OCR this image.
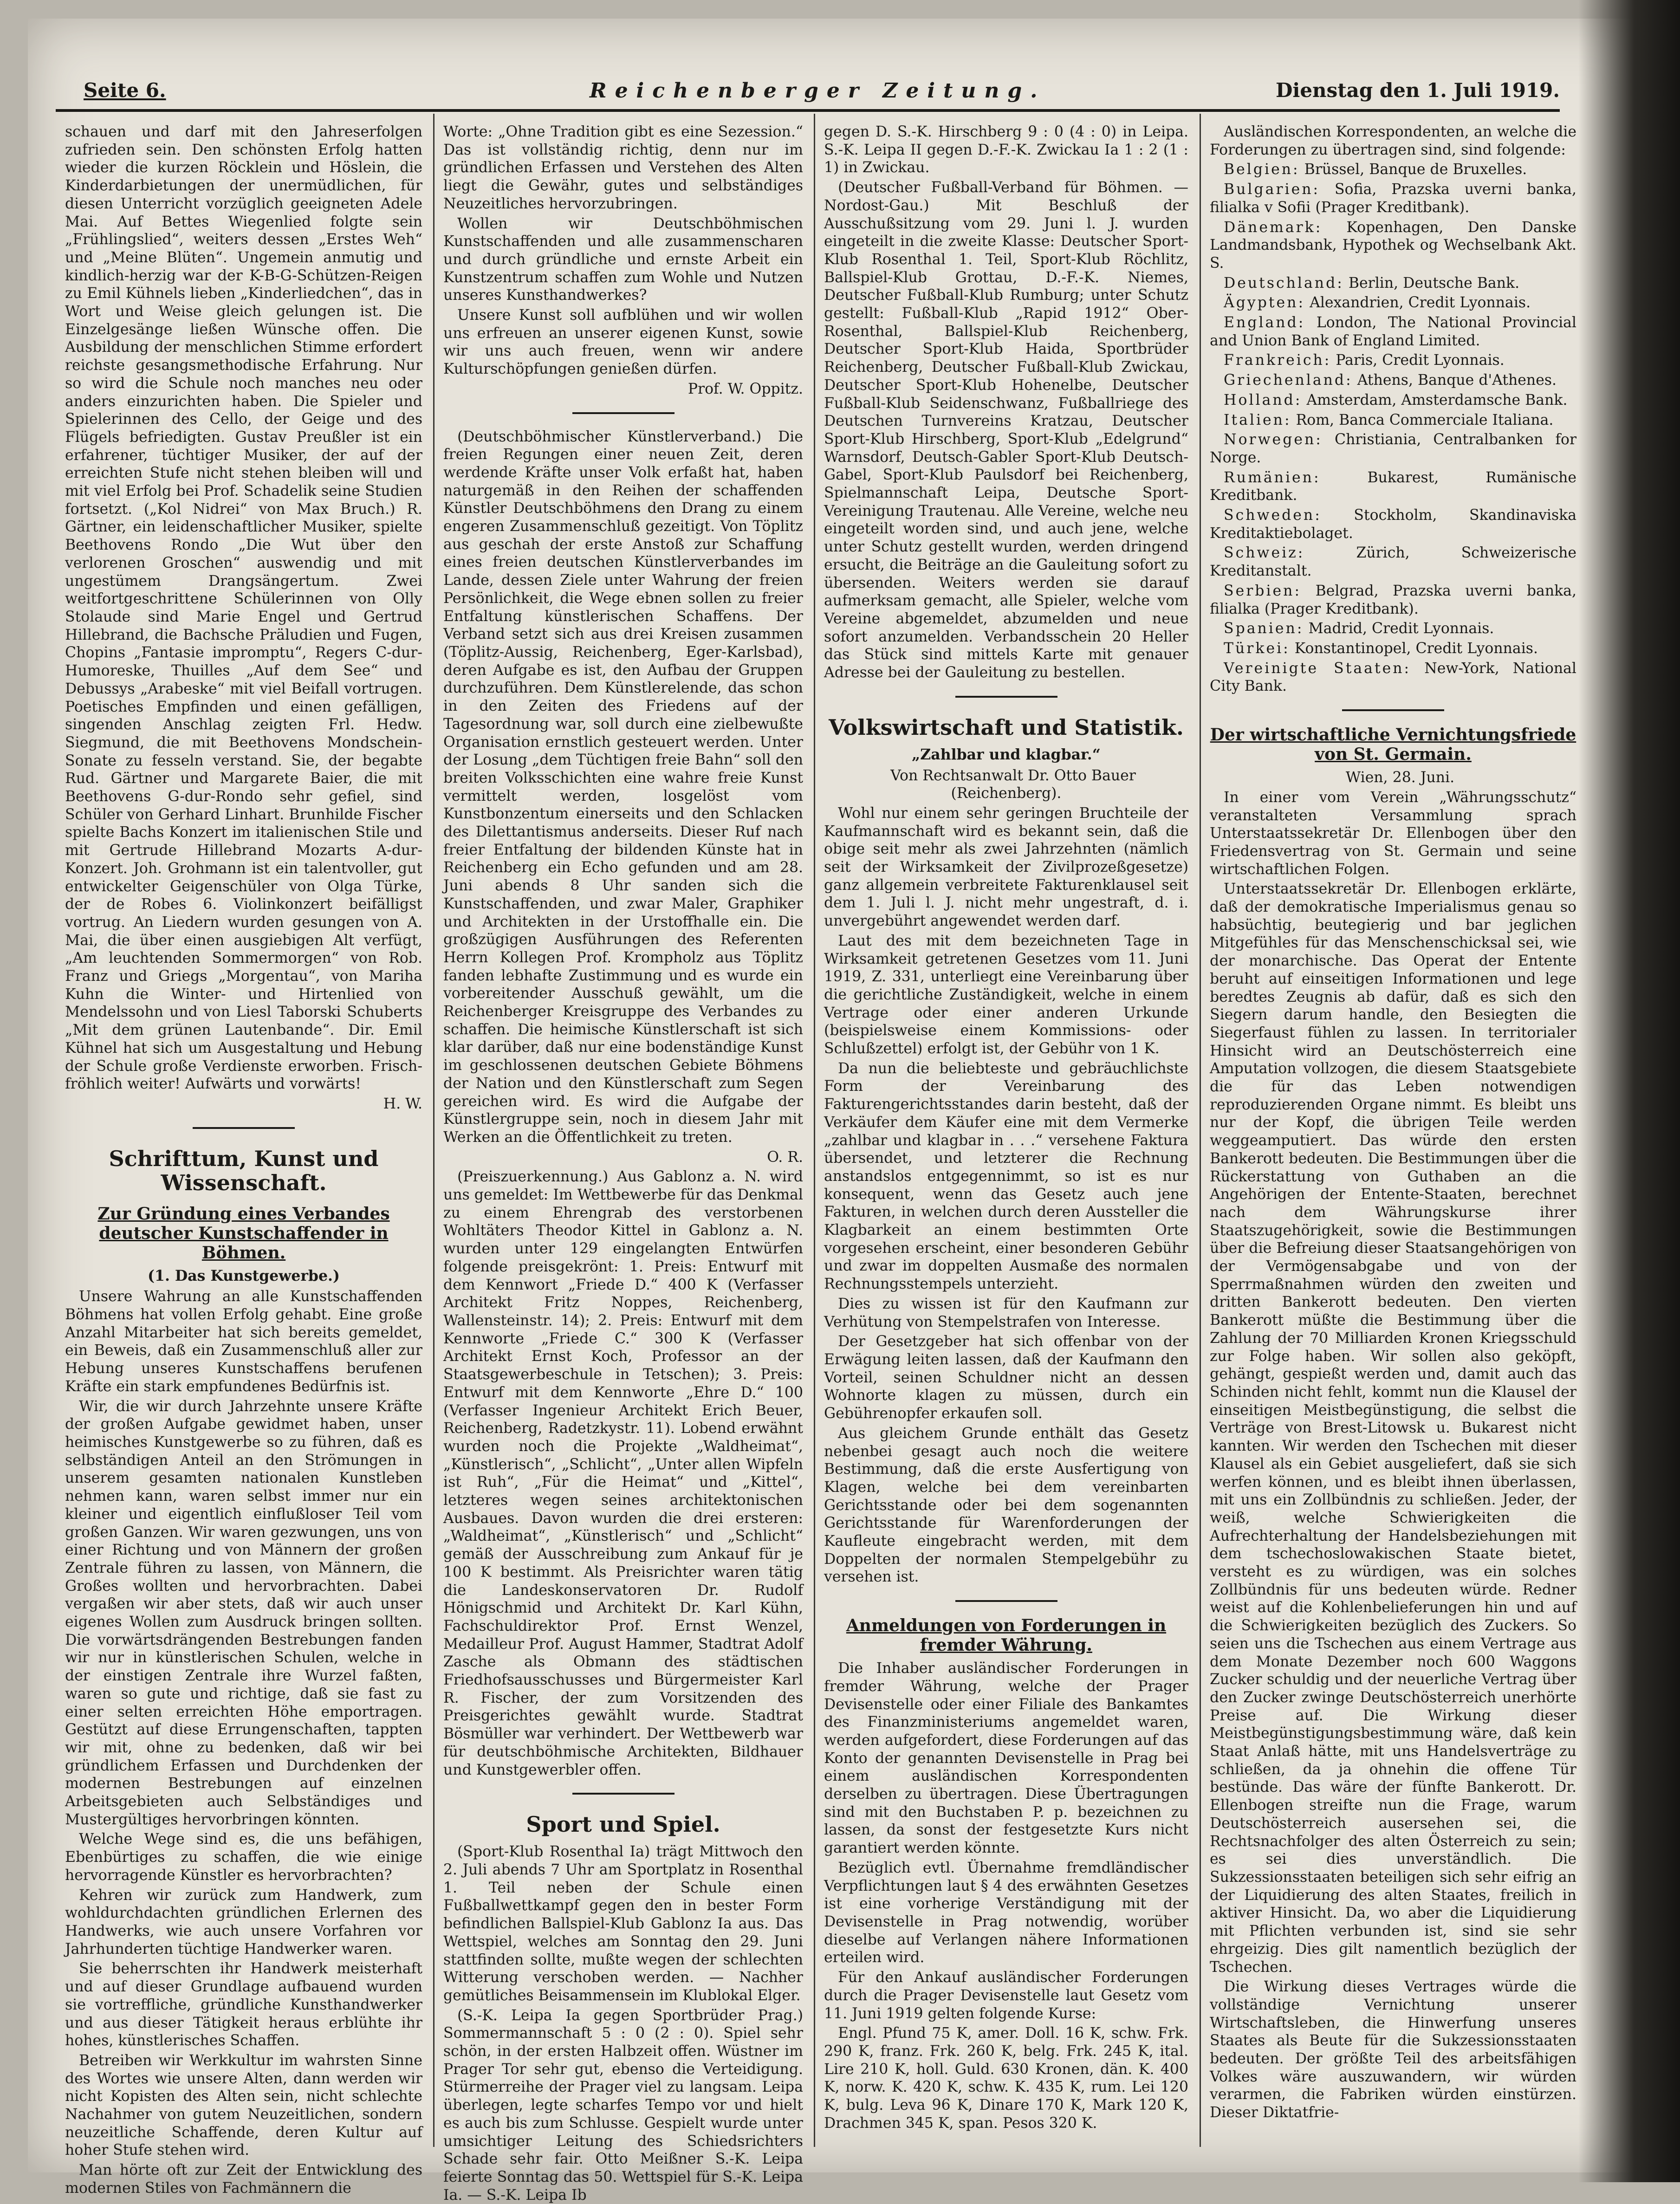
Seite 6.	Reichenberger Zeitung.	Dienstag den 1. Juli 1919.

schauen und darf mit den Jahreserfolgen zufrieden sein. Den schönsten Erfolg hatten wieder die kurzen Röcklein und Höslein, die Kinderdarbietungen der unermüdlichen, für diesen Unterricht vorzüglich geeigneten Adele Mai. Auf Bettes Wiegenlied folgte sein „Frühlingslied“, weiters dessen „Erstes Weh“ und „Meine Blüten“. Ungemein anmutig und kindlich-herzig war der K-B-G-Schützen-Reigen zu Emil Kühnels lieben „Kinderliedchen“, das in Wort und Weise gleich gelungen ist. Die Einzelgesänge ließen Wünsche offen. Die Ausbildung der menschlichen Stimme erfordert reichste gesangsmethodische Erfahrung. Nur so wird die Schule noch manches neu oder anders einzurichten haben. Die Spieler und Spielerinnen des Cello, der Geige und des Flügels befriedigten. Gustav Preußler ist ein erfahrener, tüchtiger Musiker, der auf der erreichten Stufe nicht stehen bleiben will und mit viel Erfolg bei Prof. Schadelik seine Studien fortsetzt. („Kol Nidrei“ von Max Bruch.) R. Gärtner, ein leidenschaftlicher Musiker, spielte Beethovens Rondo „Die Wut über den verlorenen Groschen“ auswendig und mit ungestümem Drangsängertum. Zwei weitfortgeschrittene Schülerinnen von Olly Stolaude sind Marie Engel und Gertrud Hillebrand, die Bachsche Präludien und Fugen, Chopins „Fantasie impromptu“, Regers C-dur-Humoreske, Thuilles „Auf dem See“ und Debussys „Arabeske“ mit viel Beifall vortrugen. Poetisches Empfinden und einen gefälligen, singenden Anschlag zeigten Frl. Hedw. Siegmund, die mit Beethovens Mondschein-Sonate zu fesseln verstand. Sie, der begabte Rud. Gärtner und Margarete Baier, die mit Beethovens G-dur-Rondo sehr gefiel, sind Schüler von Gerhard Linhart. Brunhilde Fischer spielte Bachs Konzert im italienischen Stile und mit Gertrude Hillebrand Mozarts A-dur-Konzert. Joh. Grohmann ist ein talentvoller, gut entwickelter Geigenschüler von Olga Türke, der de Robes 6. Violinkonzert beifälligst vortrug. An Liedern wurden gesungen von A. Mai, die über einen ausgiebigen Alt verfügt, „Am leuchtenden Sommermorgen“ von Rob. Franz und Griegs „Morgentau“, von Mariha Kuhn die Winter- und Hirtenlied von Mendelssohn und von Liesl Taborski Schuberts „Mit dem grünen Lautenbande“. Dir. Emil Kühnel hat sich um Ausgestaltung und Hebung der Schule große Verdienste erworben. Frisch-fröhlich weiter! Aufwärts und vorwärts!

H. W.

Schrifttum, Kunst und Wissenschaft.
Zur Gründung eines Verbandes deutscher Kunstschaffender in Böhmen.
(1. Das Kunstgewerbe.)

Unsere Wahrung an alle Kunstschaffenden Böhmens hat vollen Erfolg gehabt. Eine große Anzahl Mitarbeiter hat sich bereits gemeldet, ein Beweis, daß ein Zusammenschluß aller zur Hebung unseres Kunstschaffens berufenen Kräfte ein stark empfundenes Bedürfnis ist.

Wir, die wir durch Jahrzehnte unsere Kräfte der großen Aufgabe gewidmet haben, unser heimisches Kunstgewerbe so zu führen, daß es selbständigen Anteil an den Strömungen in unserem gesamten nationalen Kunstleben nehmen kann, waren selbst immer nur ein kleiner und eigentlich einflußloser Teil vom großen Ganzen. Wir waren gezwungen, uns von einer Richtung und von Männern der großen Zentrale führen zu lassen, von Männern, die Großes wollten und hervorbrachten. Dabei vergaßen wir aber stets, daß wir auch unser eigenes Wollen zum Ausdruck bringen sollten. Die vorwärtsdrängenden Bestrebungen fanden wir nur in künstlerischen Schulen, welche in der einstigen Zentrale ihre Wurzel faßten, waren so gute und richtige, daß sie fast zu einer selten erreichten Höhe emportragen. Gestützt auf diese Errungenschaften, tappten wir mit, ohne zu bedenken, daß wir bei gründlichem Erfassen und Durchdenken der modernen Bestrebungen auf einzelnen Arbeitsgebieten auch Selbständiges und Mustergültiges hervorbringen könnten.

Welche Wege sind es, die uns befähigen, Ebenbürtiges zu schaffen, die wie einige hervorragende Künstler es hervorbrachten?

Kehren wir zurück zum Handwerk, zum wohldurchdachten gründlichen Erlernen des Handwerks, wie auch unsere Vorfahren vor Jahrhunderten tüchtige Handwerker waren.

Sie beherrschten ihr Handwerk meisterhaft und auf dieser Grundlage aufbauend wurden sie vortreffliche, gründliche Kunsthandwerker und aus dieser Tätigkeit heraus erblühte ihr hohes, künstlerisches Schaffen.

Betreiben wir Werkkultur im wahrsten Sinne des Wortes wie unsere Alten, dann werden wir nicht Kopisten des Alten sein, nicht schlechte Nachahmer von gutem Neuzeitlichen, sondern neuzeitliche Schaffende, deren Kultur auf hoher Stufe stehen wird.

Man hörte oft zur Zeit der Entwicklung des modernen Stiles von Fachmännern die

Worte: „Ohne Tradition gibt es eine Sezession.“ Das ist vollständig richtig, denn nur im gründlichen Erfassen und Verstehen des Alten liegt die Gewähr, gutes und selbständiges Neuzeitliches hervorzubringen.

Wollen wir Deutschböhmischen Kunstschaffenden und alle zusammenscharen und durch gründliche und ernste Arbeit ein Kunstzentrum schaffen zum Wohle und Nutzen unseres Kunsthandwerkes?

Unsere Kunst soll aufblühen und wir wollen uns erfreuen an unserer eigenen Kunst, sowie wir uns auch freuen, wenn wir andere Kulturschöpfungen genießen dürfen.

Prof. W. Oppitz.

(Deutschböhmischer Künstlerverband.) Die freien Regungen einer neuen Zeit, deren werdende Kräfte unser Volk erfaßt hat, haben naturgemäß in den Reihen der schaffenden Künstler Deutschböhmens den Drang zu einem engeren Zusammenschluß gezeitigt. Von Töplitz aus geschah der erste Anstoß zur Schaffung eines freien deutschen Künstlerverbandes im Lande, dessen Ziele unter Wahrung der freien Persönlichkeit, die Wege ebnen sollen zu freier Entfaltung künstlerischen Schaffens. Der Verband setzt sich aus drei Kreisen zusammen (Töplitz-Aussig, Reichenberg, Eger-Karlsbad), deren Aufgabe es ist, den Aufbau der Gruppen durchzuführen. Dem Künstlerelende, das schon in den Zeiten des Friedens auf der Tagesordnung war, soll durch eine zielbewußte Organisation ernstlich gesteuert werden. Unter der Losung „dem Tüchtigen freie Bahn“ soll den breiten Volksschichten eine wahre freie Kunst vermittelt werden, losgelöst vom Kunstbonzentum einerseits und den Schlacken des Dilettantismus anderseits. Dieser Ruf nach freier Entfaltung der bildenden Künste hat in Reichenberg ein Echo gefunden und am 28. Juni abends 8 Uhr sanden sich die Kunstschaffenden, und zwar Maler, Graphiker und Architekten in der Urstoffhalle ein. Die großzügigen Ausführungen des Referenten Herrn Kollegen Prof. Krompholz aus Töplitz fanden lebhafte Zustimmung und es wurde ein vorbereitender Ausschuß gewählt, um die Reichenberger Kreisgruppe des Verbandes zu schaffen. Die heimische Künstlerschaft ist sich klar darüber, daß nur eine bodenständige Kunst im geschlossenen deutschen Gebiete Böhmens der Nation und den Künstlerschaft zum Segen gereichen wird. Es wird die Aufgabe der Künstlergruppe sein, noch in diesem Jahr mit Werken an die Öffentlichkeit zu treten.

O. R.

(Preiszuerkennung.) Aus Gablonz a. N. wird uns gemeldet: Im Wettbewerbe für das Denkmal zu einem Ehrengrab des verstorbenen Wohltäters Theodor Kittel in Gablonz a. N. wurden unter 129 eingelangten Entwürfen folgende preisgekrönt: 1. Preis: Entwurf mit dem Kennwort „Friede D.“ 400 K (Verfasser Architekt Fritz Noppes, Reichenberg, Wallensteinstr. 14); 2. Preis: Entwurf mit dem Kennworte „Friede C.“ 300 K (Verfasser Architekt Ernst Koch, Professor an der Staatsgewerbeschule in Tetschen); 3. Preis: Entwurf mit dem Kennworte „Ehre D.“ 100 (Verfasser Ingenieur Architekt Erich Beuer, Reichenberg, Radetzkystr. 11). Lobend erwähnt wurden noch die Projekte „Waldheimat“, „Künstlerisch“, „Schlicht“, „Unter allen Wipfeln ist Ruh“, „Für die Heimat“ und „Kittel“, letzteres wegen seines architektonischen Ausbaues. Davon wurden die drei ersteren: „Waldheimat“, „Künstlerisch“ und „Schlicht“ gemäß der Ausschreibung zum Ankauf für je 100 K bestimmt. Als Preisrichter waren tätig die Landeskonservatoren Dr. Rudolf Hönigschmid und Architekt Dr. Karl Kühn, Fachschuldirektor Prof. Ernst Wenzel, Medailleur Prof. August Hammer, Stadtrat Adolf Zasche als Obmann des städtischen Friedhofsausschusses und Bürgermeister Karl R. Fischer, der zum Vorsitzenden des Preisgerichtes gewählt wurde. Stadtrat Bösmüller war verhindert. Der Wettbewerb war für deutschböhmische Architekten, Bildhauer und Kunstgewerbler offen.

Sport und Spiel.

(Sport-Klub Rosenthal Ia) trägt Mittwoch den 2. Juli abends 7 Uhr am Sportplatz in Rosenthal 1. Teil neben der Schule einen Fußballwettkampf gegen den in bester Form befindlichen Ballspiel-Klub Gablonz Ia aus. Das Wettspiel, welches am Sonntag den 29. Juni stattfinden sollte, mußte wegen der schlechten Witterung verschoben werden. — Nachher gemütliches Beisammensein im Klublokal Elger.

(S.-K. Leipa Ia gegen Sportbrüder Prag.) Sommermannschaft 5 : 0 (2 : 0). Spiel sehr schön, in der ersten Halbzeit offen. Wüstner im Prager Tor sehr gut, ebenso die Verteidigung. Stürmerreihe der Prager viel zu langsam. Leipa überlegen, legte scharfes Tempo vor und hielt es auch bis zum Schlusse. Gespielt wurde unter umsichtiger Leitung des Schiedsrichters Schade sehr fair. Otto Meißner S.-K. Leipa feierte Sonntag das 50. Wettspiel für S.-K. Leipa Ia. — S.-K. Leipa Ib

gegen D. S.-K. Hirschberg 9 : 0 (4 : 0) in Leipa. S.-K. Leipa II gegen D.-F.-K. Zwickau Ia 1 : 2 (1 : 1) in Zwickau.

(Deutscher Fußball-Verband für Böhmen. — Nordost-Gau.) Mit Beschluß der Ausschußsitzung vom 29. Juni l. J. wurden eingeteilt in die zweite Klasse: Deutscher Sport-Klub Rosenthal 1. Teil, Sport-Klub Röchlitz, Ballspiel-Klub Grottau, D.-F.-K. Niemes, Deutscher Fußball-Klub Rumburg; unter Schutz gestellt: Fußball-Klub „Rapid 1912“ Ober-Rosenthal, Ballspiel-Klub Reichenberg, Deutscher Sport-Klub Haida, Sportbrüder Reichenberg, Deutscher Fußball-Klub Zwickau, Deutscher Sport-Klub Hohenelbe, Deutscher Fußball-Klub Seidenschwanz, Fußballriege des Deutschen Turnvereins Kratzau, Deutscher Sport-Klub Hirschberg, Sport-Klub „Edelgrund“ Warnsdorf, Deutsch-Gabler Sport-Klub Deutsch-Gabel, Sport-Klub Paulsdorf bei Reichenberg, Spielmannschaft Leipa, Deutsche Sport-Vereinigung Trautenau. Alle Vereine, welche neu eingeteilt worden sind, und auch jene, welche unter Schutz gestellt wurden, werden dringend ersucht, die Beiträge an die Gauleitung sofort zu übersenden. Weiters werden sie darauf aufmerksam gemacht, alle Spieler, welche vom Vereine abgemeldet, abzumelden und neue sofort anzumelden. Verbandsschein 20 Heller das Stück sind mittels Karte mit genauer Adresse bei der Gauleitung zu bestellen.

Volkswirtschaft und Statistik.
„Zahlbar und klagbar.“

Von Rechtsanwalt Dr. Otto Bauer (Reichenberg).

Wohl nur einem sehr geringen Bruchteile der Kaufmannschaft wird es bekannt sein, daß die obige seit mehr als zwei Jahrzehnten (nämlich seit der Wirksamkeit der Zivilprozeßgesetze) ganz allgemein verbreitete Fakturenklausel seit dem 1. Juli l. J. nicht mehr ungestraft, d. i. unvergebührt angewendet werden darf.

Laut des mit dem bezeichneten Tage in Wirksamkeit getretenen Gesetzes vom 11. Juni 1919, Z. 331, unterliegt eine Vereinbarung über die gerichtliche Zuständigkeit, welche in einem Vertrage oder einer anderen Urkunde (beispielsweise einem Kommissions- oder Schlußzettel) erfolgt ist, der Gebühr von 1 K.

Da nun die beliebteste und gebräuchlichste Form der Vereinbarung des Fakturengerichtsstandes darin besteht, daß der Verkäufer dem Käufer eine mit dem Vermerke „zahlbar und klagbar in . . .“ versehene Faktura übersendet, und letzterer die Rechnung anstandslos entgegennimmt, so ist es nur konsequent, wenn das Gesetz auch jene Fakturen, in welchen durch deren Aussteller die Klagbarkeit an einem bestimmten Orte vorgesehen erscheint, einer besonderen Gebühr und zwar im doppelten Ausmaße des normalen Rechnungsstempels unterzieht.

Dies zu wissen ist für den Kaufmann zur Verhütung von Stempelstrafen von Interesse.

Der Gesetzgeber hat sich offenbar von der Erwägung leiten lassen, daß der Kaufmann den Vorteil, seinen Schuldner nicht an dessen Wohnorte klagen zu müssen, durch ein Gebührenopfer erkaufen soll.

Aus gleichem Grunde enthält das Gesetz nebenbei gesagt auch noch die weitere Bestimmung, daß die erste Ausfertigung von Klagen, welche bei dem vereinbarten Gerichtsstande oder bei dem sogenannten Gerichtsstande für Warenforderungen der Kaufleute eingebracht werden, mit dem Doppelten der normalen Stempelgebühr zu versehen ist.

Anmeldungen von Forderungen in fremder Währung.

Die Inhaber ausländischer Forderungen in fremder Währung, welche der Prager Devisenstelle oder einer Filiale des Bankamtes des Finanzministeriums angemeldet waren, werden aufgefordert, diese Forderungen auf das Konto der genannten Devisenstelle in Prag bei einem ausländischen Korrespondenten derselben zu übertragen. Diese Übertragungen sind mit den Buchstaben P. p. bezeichnen zu lassen, da sonst der festgesetzte Kurs nicht garantiert werden könnte.

Bezüglich evtl. Übernahme fremdländischer Verpflichtungen laut § 4 des erwähnten Gesetzes ist eine vorherige Verständigung mit der Devisenstelle in Prag notwendig, worüber dieselbe auf Verlangen nähere Informationen erteilen wird.

Für den Ankauf ausländischer Forderungen durch die Prager Devisenstelle laut Gesetz vom 11. Juni 1919 gelten folgende Kurse:

Engl. Pfund 75 K, amer. Doll. 16 K, schw. Frk. 290 K, franz. Frk. 260 K, belg. Frk. 245 K, ital. Lire 210 K, holl. Guld. 630 Kronen, dän. K. 400 K, norw. K. 420 K, schw. K. 435 K, rum. Lei 120 K, bulg. Leva 96 K, Dinare 170 K, Mark 120 K, Drachmen 345 K, span. Pesos 320 K.

Ausländischen Korrespondenten, an welche die Forderungen zu übertragen sind, sind folgende:

Belgien: Brüssel, Banque de Bruxelles.

Bulgarien: Sofia, Prazska uverni banka, filialka v Sofii (Prager Kreditbank).

Dänemark: Kopenhagen, Den Danske Landmandsbank, Hypothek og Wechselbank Akt. S.

Deutschland: Berlin, Deutsche Bank.

Ägypten: Alexandrien, Credit Lyonnais.

England: London, The National Provincial and Union Bank of England Limited.

Frankreich: Paris, Credit Lyonnais.

Griechenland: Athens, Banque d'Athenes.

Holland: Amsterdam, Amsterdamsche Bank.

Italien: Rom, Banca Commerciale Italiana.

Norwegen: Christiania, Centralbanken for Norge.

Rumänien:	Bukarest, Rumänische Kreditbank.

Schweden: Stockholm, Skandinaviska Kreditaktiebolaget.

Schweiz:	Zürich, Schweizerische Kreditanstalt.

Serbien: Belgrad, Prazska uverni banka, filialka (Prager Kreditbank).

Spanien: Madrid, Credit Lyonnais.

Türkei: Konstantinopel, Credit Lyonnais.

Vereinigte Staaten: New-York, National City Bank.

Der wirtschaftliche Vernichtungsfriede von St. Germain.

Wien, 28. Juni.

In einer vom Verein „Währungsschutz“ veranstalteten Versammlung sprach Unterstaatssekretär Dr. Ellenbogen über den Friedensvertrag von St. Germain und seine wirtschaftlichen Folgen.

Unterstaatssekretär Dr. Ellenbogen erklärte, daß der demokratische Imperialismus genau so habsüchtig, beutegierig und bar jeglichen Mitgefühles für das Menschenschicksal sei, wie der monarchische. Das Operat der Entente beruht auf einseitigen Informationen und lege beredtes Zeugnis ab dafür, daß es sich den Siegern darum handle, den Besiegten die Siegerfaust fühlen zu lassen. In territorialer Hinsicht wird an Deutschösterreich eine Amputation vollzogen, die diesem Staatsgebiete die für das Leben notwendigen reproduzierenden Organe nimmt. Es bleibt uns nur der Kopf, die übrigen Teile werden weggeamputiert. Das würde den ersten Bankerott bedeuten. Die Bestimmungen über die Rückerstattung von Guthaben an die Angehörigen der Entente-Staaten, berechnet nach dem Währungskurse ihrer Staatszugehörigkeit, sowie die Bestimmungen über die Befreiung dieser Staatsangehörigen von der Vermögensabgabe und von der Sperrmaßnahmen würden den zweiten und dritten Bankerott bedeuten. Den vierten Bankerott müßte die Bestimmung über die Zahlung der 70 Milliarden Kronen Kriegsschuld zur Folge haben. Wir sollen also geköpft, gehängt, gespießt werden und, damit auch das Schinden nicht fehlt, kommt nun die Klausel der einseitigen Meistbegünstigung, die selbst die Verträge von Brest-Litowsk u. Bukarest nicht kannten. Wir werden den Tschechen mit dieser Klausel als ein Gebiet ausgeliefert, daß sie sich werfen können, und es bleibt ihnen überlassen, mit uns ein Zollbündnis zu schließen. Jeder, der weiß, welche Schwierigkeiten die Aufrechterhaltung der Handelsbeziehungen mit dem tschechoslowakischen Staate bietet, versteht es zu würdigen, was ein solches Zollbündnis für uns bedeuten würde. Redner weist auf die Kohlenbelieferungen hin und auf die Schwierigkeiten bezüglich des Zuckers. So seien uns die Tschechen aus einem Vertrage aus dem Monate Dezember noch 600 Waggons Zucker schuldig und der neuerliche Vertrag über den Zucker zwinge Deutschösterreich unerhörte Preise auf. Die Wirkung dieser Meistbegünstigungsbestimmung wäre, daß kein Staat Anlaß hätte, mit uns Handelsverträge zu schließen, da ja ohnehin die offene Tür bestünde. Das wäre der fünfte Bankerott. Dr. Ellenbogen streifte nun die Frage, warum Deutschösterreich ausersehen sei, die Rechtsnachfolger des alten Österreich zu sein; es sei dies unverständlich. Die Sukzessionsstaaten beteiligen sich sehr eifrig an der Liquidierung des alten Staates, freilich in aktiver Hinsicht. Da, wo aber die Liquidierung mit Pflichten verbunden ist, sind sie sehr ehrgeizig. Dies gilt namentlich bezüglich der Tschechen.

Die Wirkung dieses Vertrages würde die vollständige Vernichtung unserer Wirtschaftsleben, die Hinwerfung unseres Staates als Beute für die Sukzessionsstaaten bedeuten. Der größte Teil des arbeitsfähigen Volkes wäre auszuwandern, wir würden verarmen, die Fabriken würden einstürzen. Dieser Diktatfrie-
